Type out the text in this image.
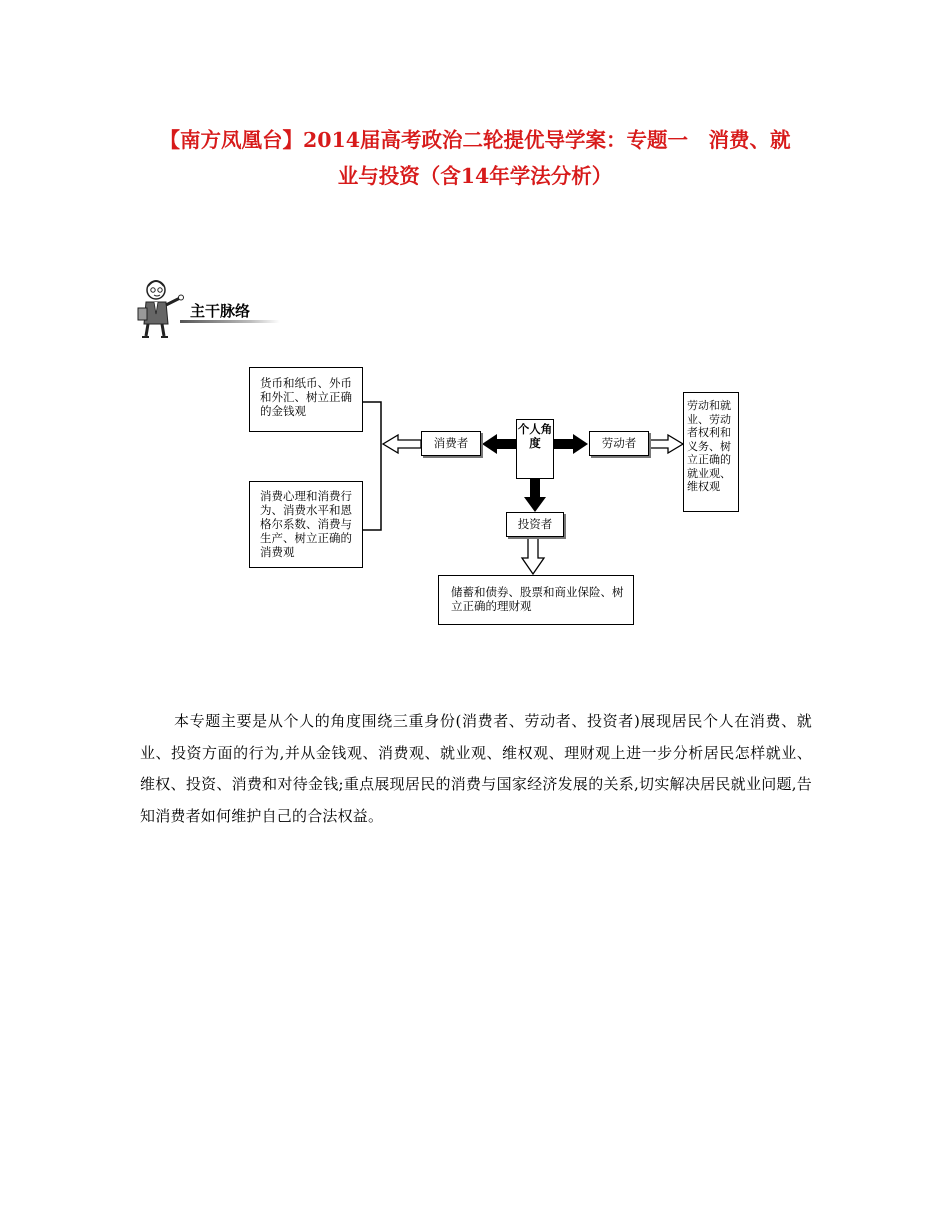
【南方凤凰台】2014届高考政治二轮提优导学案：专题一　消费、就
业与投资（含14年学法分析）
主干脉络
货币和纸币、外币和外汇、树立正确的金钱观
消费心理和消费行为、消费水平和恩格尔系数、消费与生产、树立正确的消费观
消费者	劳动者
投资者
个人角度
劳动和就业、劳动者权利和义务、树立正确的就业观、维权观
储蓄和债券、股票和商业保险、树立正确的理财观
本专题主要是从个人的角度围绕三重身份(消费者、劳动者、投资者)展现居民个人在消费、就业、投资方面的行为,并从金钱观、消费观、就业观、维权观、理财观上进一步分析居民怎样就业、维权、投资、消费和对待金钱;重点展现居民的消费与国家经济发展的关系,切实解决居民就业问题,告知消费者如何维护自己的合法权益。
